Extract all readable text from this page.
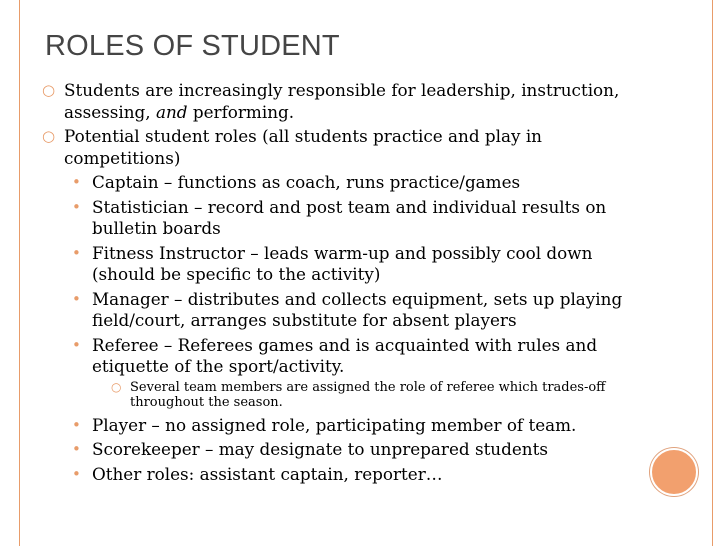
ROLES OF STUDENT
○ Students are increasingly responsible for leadership, instruction, assessing, and performing.
○ Potential student roles (all students practice and play in competitions)
• Captain – functions as coach, runs practice/games
• Statistician – record and post team and individual results on bulletin boards
• Fitness Instructor – leads warm-up and possibly cool down (should be specific to the activity)
• Manager – distributes and collects equipment, sets up playing field/court, arranges substitute for absent players
• Referee – Referees games and is acquainted with rules and etiquette of the sport/activity.
○ Several team members are assigned the role of referee which trades-off throughout the season.
• Player – no assigned role, participating member of team.
• Scorekeeper – may designate to unprepared students
• Other roles: assistant captain, reporter…
